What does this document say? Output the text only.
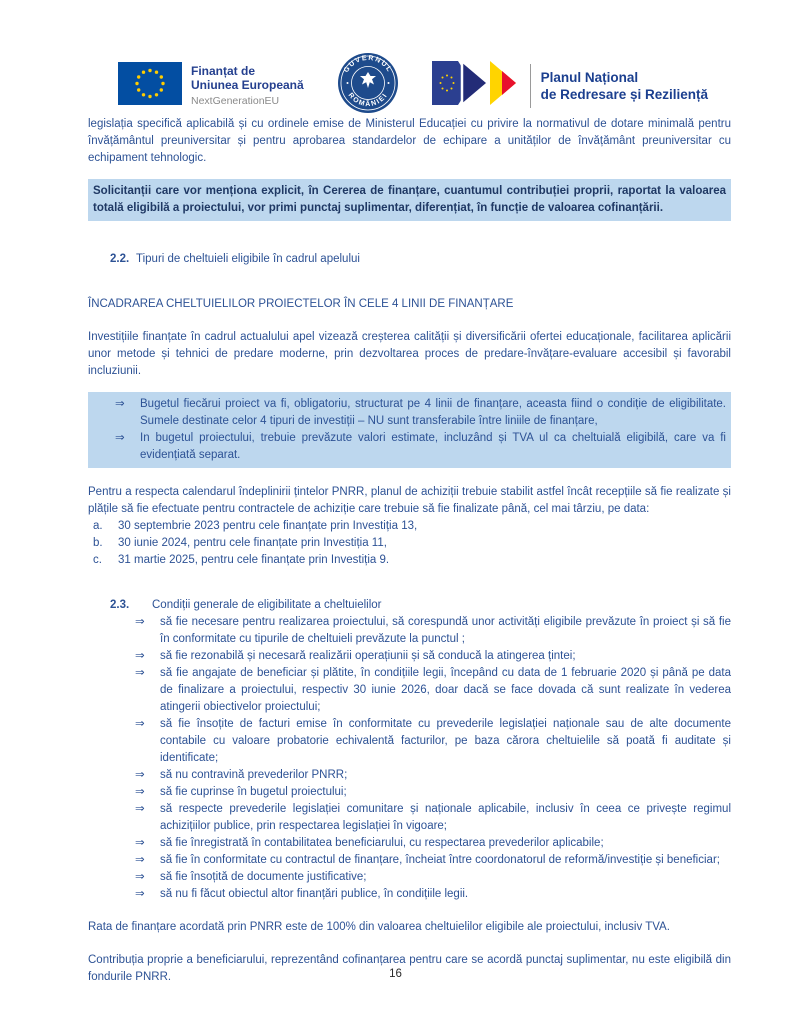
Finanțat de
Uniunea Europeană
NextGenerationEU
GUVERNUL
ROMÂNIEI
Planul Național
de Redresare și Reziliență

legislația specifică aplicabilă și cu ordinele emise de Ministerul Educației cu privire la normativul de dotare minimală pentru învățământul preuniversitar și pentru aprobarea standardelor de echipare a unităților de învățământ preuniversitar cu echipament tehnologic.

Solicitanții care vor menționa explicit, în Cererea de finanțare, cuantumul contribuției proprii, raportat la valoarea totală eligibilă a proiectului, vor primi punctaj suplimentar, diferențiat, în funcție de valoarea cofinanțării.
2.2. Tipuri de cheltuieli eligibile în cadrul apelului
ÎNCADRAREA CHELTUIELILOR PROIECTELOR ÎN CELE 4 LINII DE FINANȚARE

Investițiile finanțate în cadrul actualului apel vizează creșterea calității și diversificării ofertei educaționale, facilitarea aplicării unor metode și tehnici de predare moderne, prin dezvoltarea proces de predare-învățare-evaluare accesibil și favorabil incluziunii.

⇒	Bugetul fiecărui proiect va fi, obligatoriu, structurat pe 4 linii de finanțare, aceasta fiind o condiție de eligibilitate. Sumele destinate celor 4 tipuri de investiții – NU sunt transferabile între liniile de finanțare,
⇒	In bugetul proiectului, trebuie prevăzute valori estimate, incluzând și TVA ul ca cheltuială eligibilă, care va fi evidențiată separat.

Pentru a respecta calendarul îndeplinirii țintelor PNRR, planul de achiziții trebuie stabilit astfel încât recepțiile să fie realizate și plățile să fie efectuate pentru contractele de achiziție care trebuie să fie finalizate până, cel mai târziu, pe data:

a.	30 septembrie 2023 pentru cele finanțate prin Investiția 13,
b.	30 iunie 2024, pentru cele finanțate prin Investiția 11,
c.	31 martie 2025, pentru cele finanțate prin Investiția 9.
2.3.	Condiții generale de eligibilitate a cheltuielilor
⇒	să fie necesare pentru realizarea proiectului, să corespundă unor activități eligibile prevăzute în proiect și să fie în conformitate cu tipurile de cheltuieli prevăzute la punctul ;
⇒	să fie rezonabilă și necesară realizării operațiunii și să conducă la atingerea țintei;
⇒	să fie angajate de beneficiar și plătite, în condițiile legii, începând cu data de 1 februarie 2020 și până pe data de finalizare a proiectului, respectiv 30 iunie 2026, doar dacă se face dovada că sunt realizate în vederea atingerii obiectivelor proiectului;
⇒	să fie însoțite de facturi emise în conformitate cu prevederile legislației naționale sau de alte documente contabile cu valoare probatorie echivalentă facturilor, pe baza cărora cheltuielile să poată fi auditate și identificate;
⇒	să nu contravină prevederilor PNRR;
⇒	să fie cuprinse în bugetul proiectului;
⇒	să respecte prevederile legislației comunitare și naționale aplicabile, inclusiv în ceea ce privește regimul achizițiilor publice, prin respectarea legislației în vigoare;
⇒	să fie înregistrată în contabilitatea beneficiarului, cu respectarea prevederilor aplicabile;
⇒	să fie în conformitate cu contractul de finanțare, încheiat între coordonatorul de reformă/investiție și beneficiar;
⇒	să fie însoțită de documente justificative;
⇒	să nu fi făcut obiectul altor finanțări publice, în condițiile legii.

Rata de finanțare acordată prin PNRR este de 100% din valoarea cheltuielilor eligibile ale proiectului, inclusiv TVA.

Contribuția proprie a beneficiarului, reprezentând cofinanțarea pentru care se acordă punctaj suplimentar, nu este eligibilă din fondurile PNRR.	16
